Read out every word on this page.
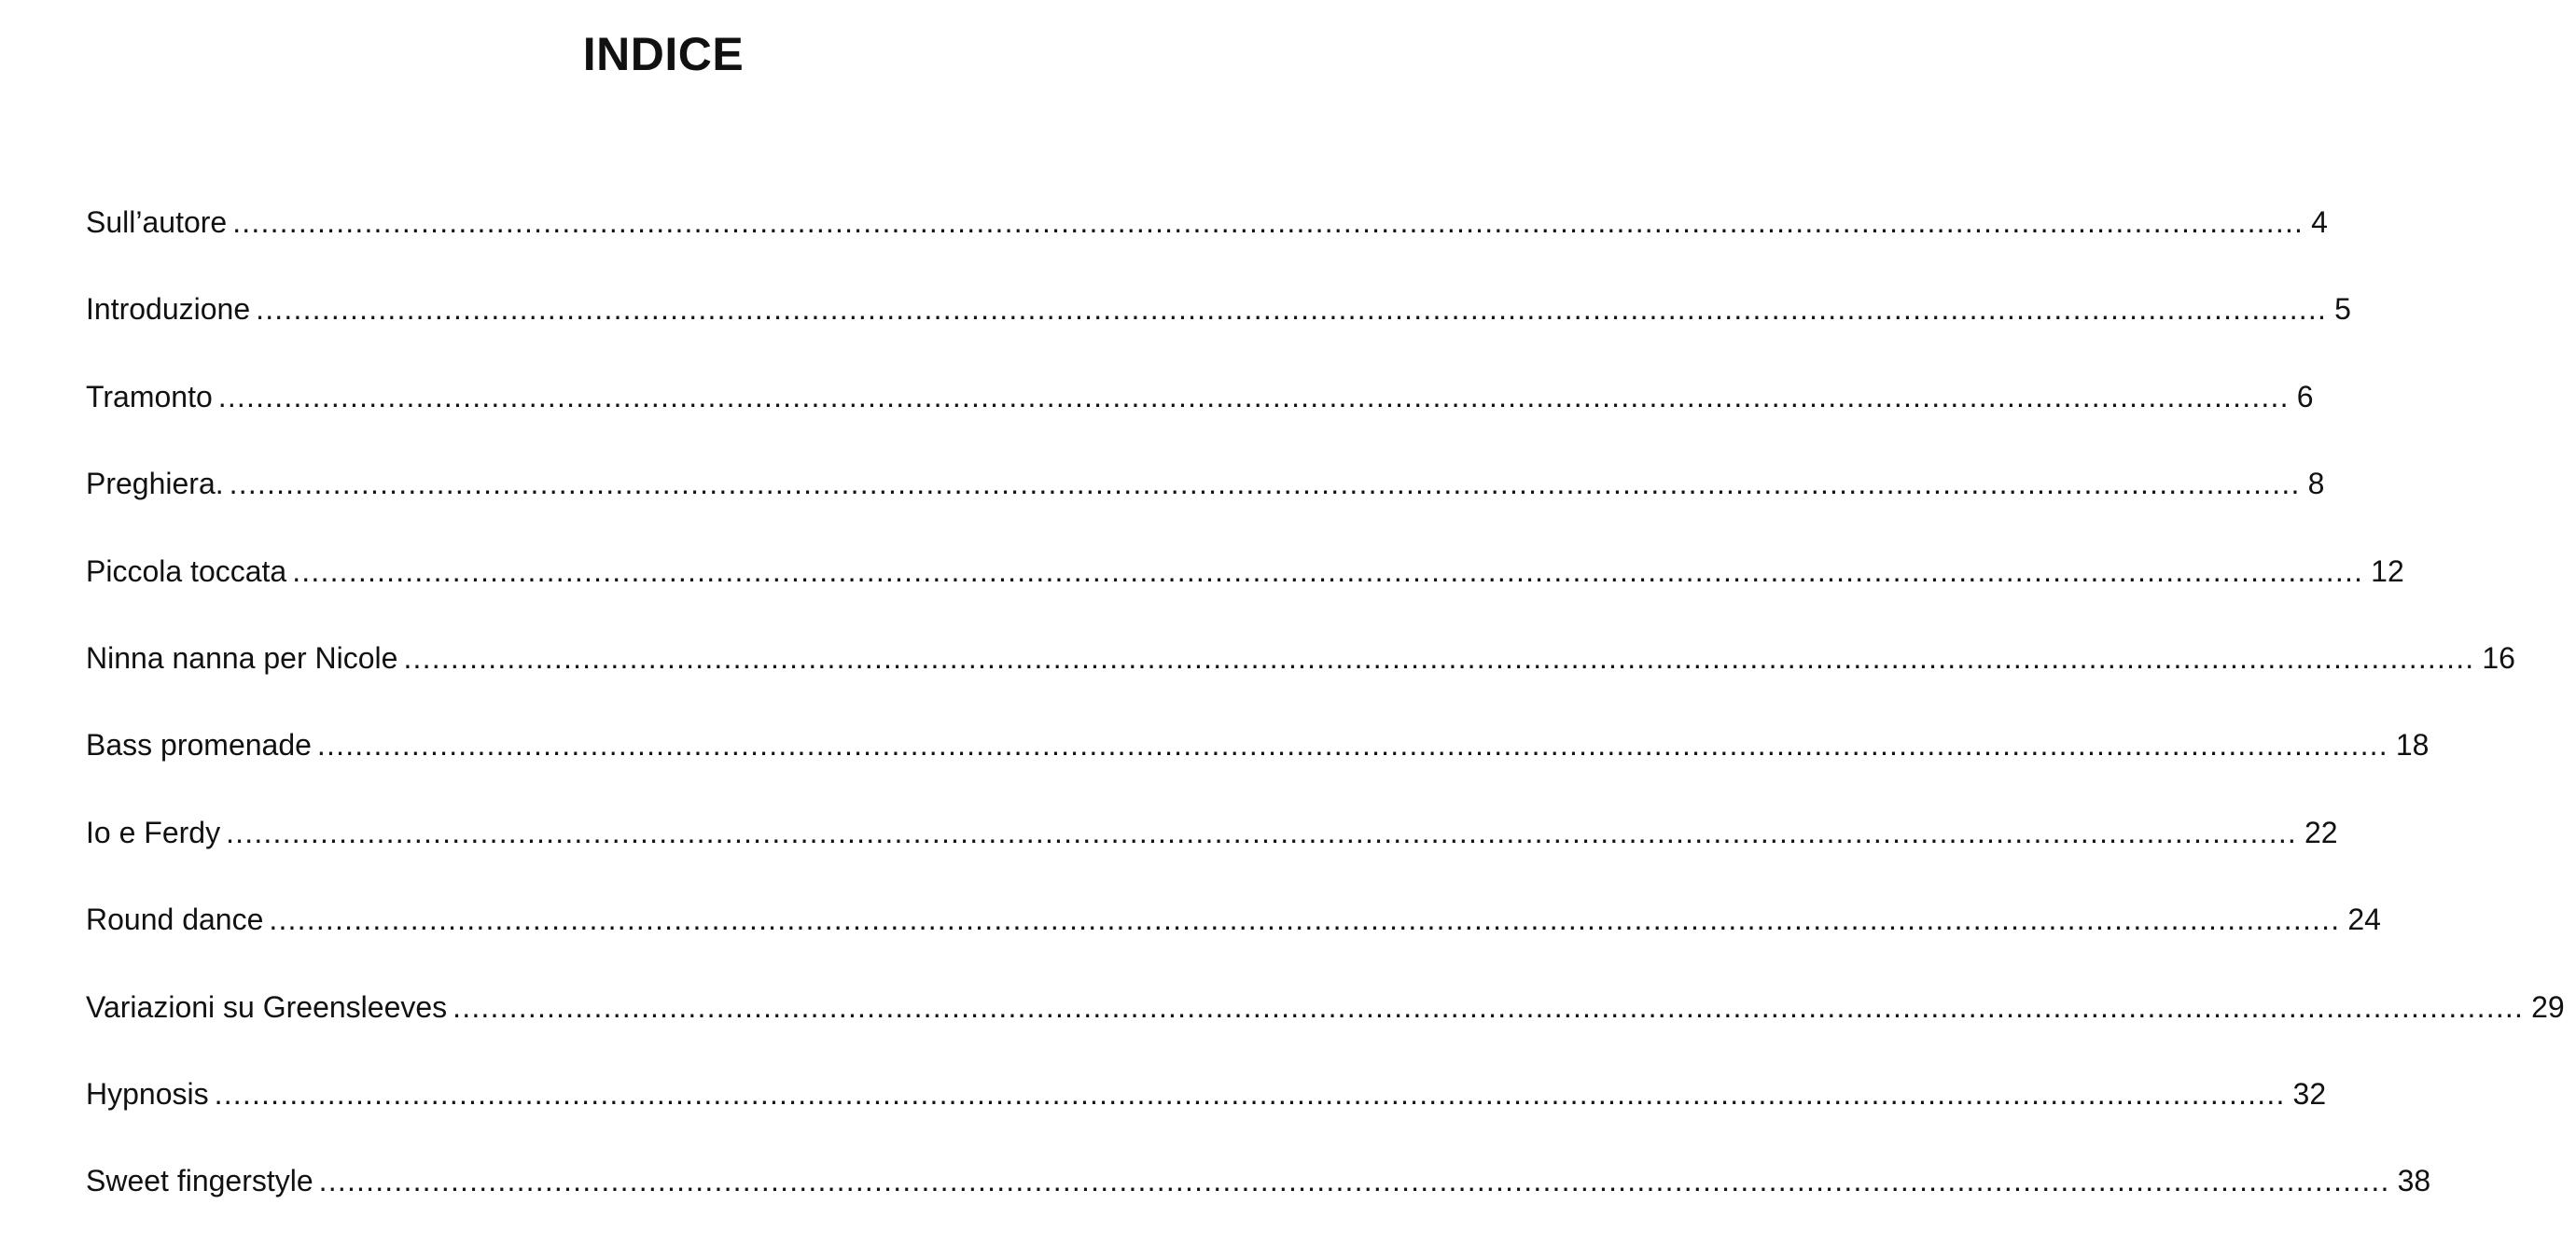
INDICE
Sull’autore ............................................................................................................................................................................................................................ 4
Introduzione ............................................................................................................................................................................................................................ 5
Tramonto ............................................................................................................................................................................................................................ 6
Preghiera. ............................................................................................................................................................................................................................ 8
Piccola toccata ............................................................................................................................................................................................................................ 12
Ninna nanna per Nicole ............................................................................................................................................................................................................................ 16
Bass promenade ............................................................................................................................................................................................................................ 18
Io e Ferdy ............................................................................................................................................................................................................................ 22
Round dance ............................................................................................................................................................................................................................ 24
Variazioni su Greensleeves ............................................................................................................................................................................................................................ 29
Hypnosis ............................................................................................................................................................................................................................ 32
Sweet fingerstyle ............................................................................................................................................................................................................................ 38
